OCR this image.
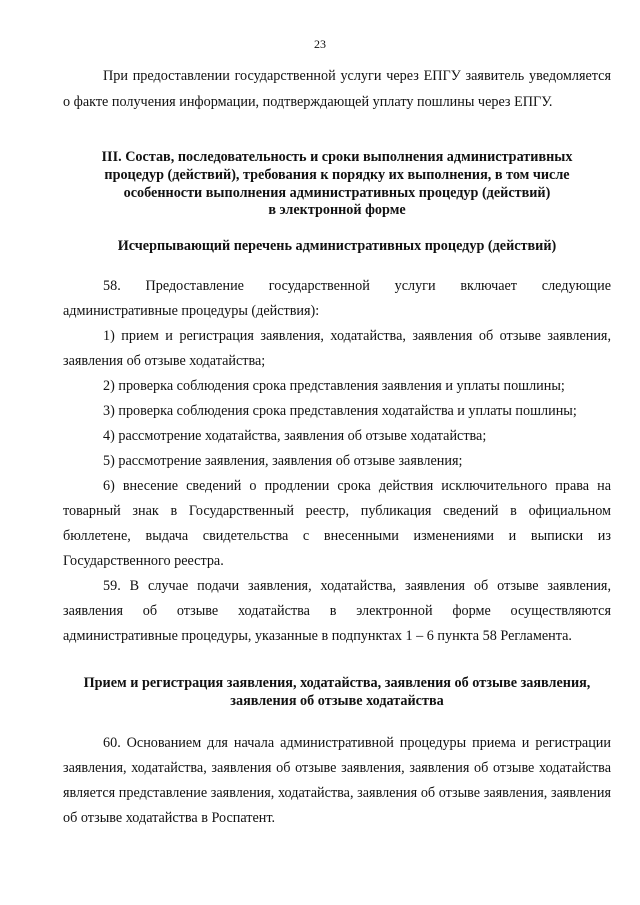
23

При предоставлении государственной услуги через ЕПГУ заявитель уведомляется о факте получения информации, подтверждающей уплату пошлины через ЕПГУ.

III. Состав, последовательность и сроки выполнения административных
процедур (действий), требования к порядку их выполнения, в том числе
особенности выполнения административных процедур (действий)
в электронной форме
Исчерпывающий перечень административных процедур (действий)

58. Предоставление государственной услуги включает следующие административные процедуры (действия):

1) прием и регистрация заявления, ходатайства, заявления об отзыве заявления, заявления об отзыве ходатайства;

2) проверка соблюдения срока представления заявления и уплаты пошлины;

3) проверка соблюдения срока представления ходатайства и уплаты пошлины;

4) рассмотрение ходатайства, заявления об отзыве ходатайства;

5) рассмотрение заявления, заявления об отзыве заявления;

6) внесение сведений о продлении срока действия исключительного права на товарный знак в Государственный реестр, публикация сведений в официальном бюллетене, выдача свидетельства с внесенными изменениями и выписки из Государственного реестра.

59. В случае подачи заявления, ходатайства, заявления об отзыве заявления, заявления об отзыве ходатайства в электронной форме осуществляются административные процедуры, указанные в подпунктах 1 – 6 пункта 58 Регламента.

Прием и регистрация заявления, ходатайства, заявления об отзыве заявления,
заявления об отзыве ходатайства

60. Основанием для начала административной процедуры приема и регистрации заявления, ходатайства, заявления об отзыве заявления, заявления об отзыве ходатайства является представление заявления, ходатайства, заявления об отзыве заявления, заявления об отзыве ходатайства в Роспатент.
